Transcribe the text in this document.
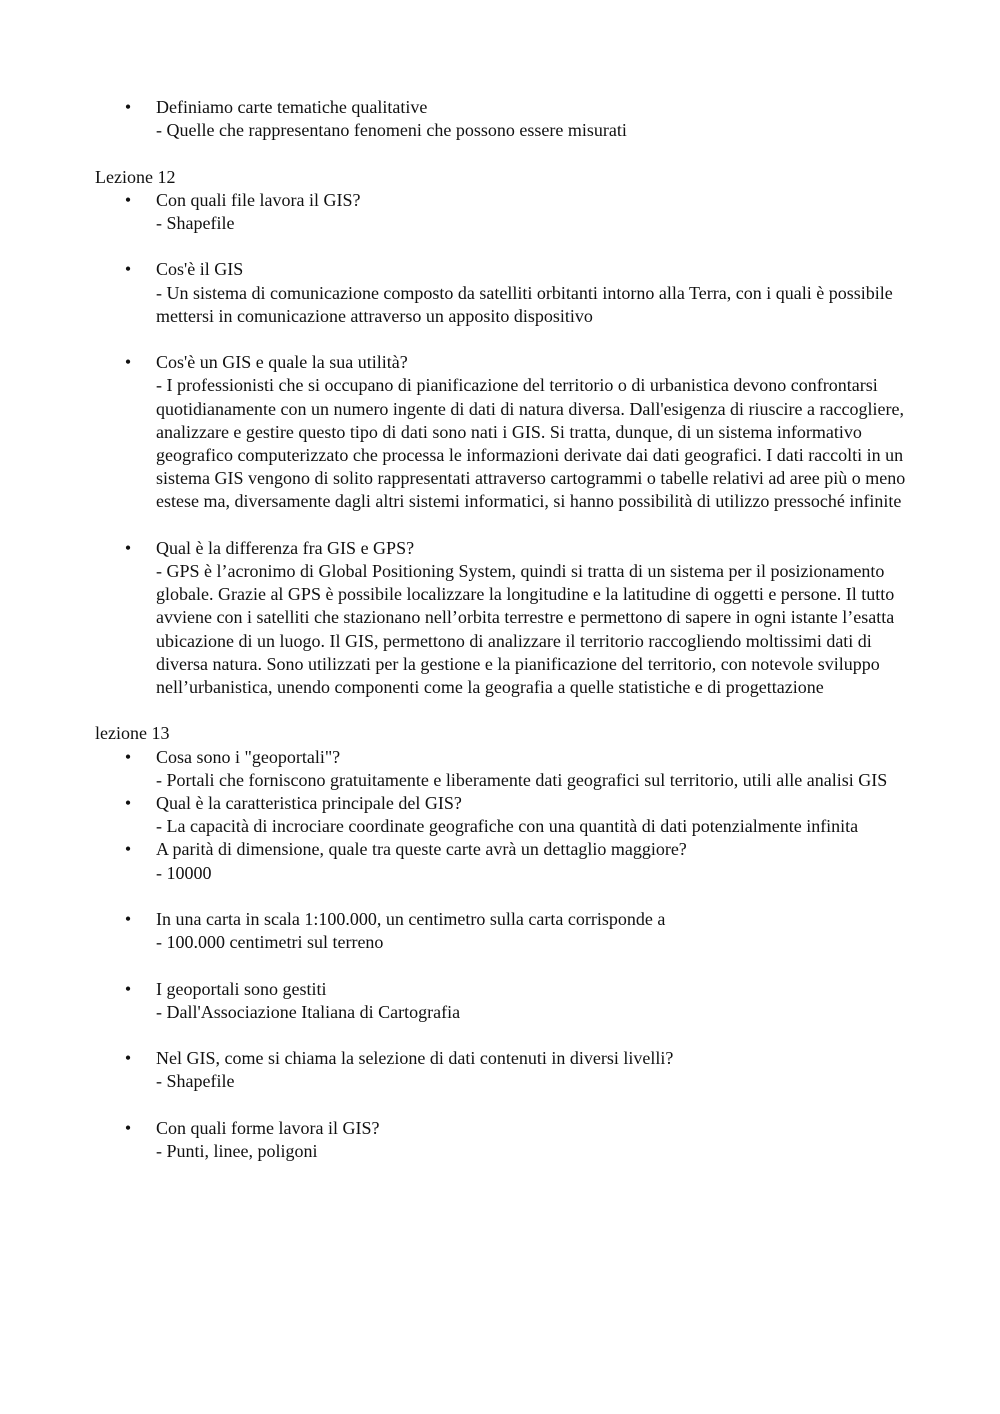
• Definiamo carte tematiche qualitative
- Quelle che rappresentano fenomeni che possono essere misurati
Lezione 12
• Con quali file lavora il GIS?
- Shapefile
• Cos'è il GIS
- Un sistema di comunicazione composto da satelliti orbitanti intorno alla Terra, con i quali è possibile mettersi in comunicazione attraverso un apposito dispositivo
• Cos'è un GIS e quale la sua utilità?
- I professionisti che si occupano di pianificazione del territorio o di urbanistica devono confrontarsi quotidianamente con un numero ingente di dati di natura diversa. Dall'esigenza di riuscire a raccogliere, analizzare e gestire questo tipo di dati sono nati i GIS. Si tratta, dunque, di un sistema informativo geografico computerizzato che processa le informazioni derivate dai dati geografici. I dati raccolti in un sistema GIS vengono di solito rappresentati attraverso cartogrammi o tabelle relativi ad aree più o meno estese ma, diversamente dagli altri sistemi informatici, si hanno possibilità di utilizzo pressoché infinite
• Qual è la differenza fra GIS e GPS?
- GPS è l’acronimo di Global Positioning System, quindi si tratta di un sistema per il posizionamento globale. Grazie al GPS è possibile localizzare la longitudine e la latitudine di oggetti e persone. Il tutto avviene con i satelliti che stazionano nell’orbita terrestre e permettono di sapere in ogni istante l’esatta ubicazione di un luogo. Il GIS, permettono di analizzare il territorio raccogliendo moltissimi dati di diversa natura. Sono utilizzati per la gestione e la pianificazione del territorio, con notevole sviluppo nell’urbanistica, unendo componenti come la geografia a quelle statistiche e di progettazione
lezione 13
• Cosa sono i "geoportali"?
- Portali che forniscono gratuitamente e liberamente dati geografici sul territorio, utili alle analisi GIS
• Qual è la caratteristica principale del GIS?
- La capacità di incrociare coordinate geografiche con una quantità di dati potenzialmente infinita
• A parità di dimensione, quale tra queste carte avrà un dettaglio maggiore?
- 10000
• In una carta in scala 1:100.000, un centimetro sulla carta corrisponde a
- 100.000 centimetri sul terreno
• I geoportali sono gestiti
- Dall'Associazione Italiana di Cartografia
• Nel GIS, come si chiama la selezione di dati contenuti in diversi livelli?
- Shapefile
• Con quali forme lavora il GIS?
- Punti, linee, poligoni
